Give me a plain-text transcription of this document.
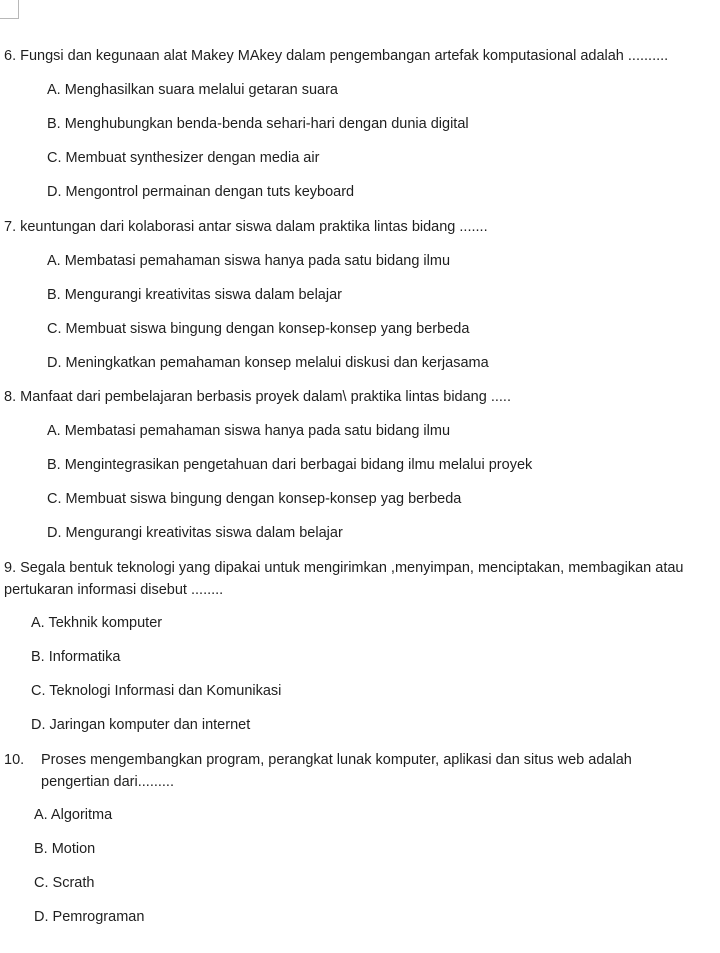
6. Fungsi dan kegunaan alat Makey MAkey dalam pengembangan artefak komputasional adalah ..........
A. Menghasilkan suara melalui getaran suara
B. Menghubungkan benda-benda sehari-hari dengan dunia digital
C. Membuat synthesizer dengan media air
D. Mengontrol permainan dengan tuts keyboard
7. keuntungan dari kolaborasi antar siswa dalam praktika lintas bidang .......
A. Membatasi pemahaman siswa hanya pada satu bidang ilmu
B. Mengurangi kreativitas siswa dalam belajar
C. Membuat siswa bingung dengan konsep-konsep yang berbeda
D. Meningkatkan pemahaman konsep melalui diskusi dan kerjasama
8. Manfaat dari pembelajaran berbasis proyek dalam\ praktika lintas bidang .....
A. Membatasi pemahaman siswa hanya pada satu bidang ilmu
B. Mengintegrasikan pengetahuan dari berbagai bidang ilmu melalui proyek
C. Membuat siswa bingung dengan konsep-konsep yag berbeda
D. Mengurangi kreativitas siswa dalam belajar
9. Segala bentuk teknologi yang dipakai untuk mengirimkan ,menyimpan, menciptakan, membagikan atau
pertukaran informasi disebut ........
A. Tekhnik komputer
B. Informatika
C. Teknologi Informasi dan Komunikasi
D. Jaringan komputer dan internet
10. Proses mengembangkan program, perangkat lunak komputer, aplikasi dan situs web adalah
pengertian dari.........
A. Algoritma
B. Motion
C. Scrath
D. Pemrograman
